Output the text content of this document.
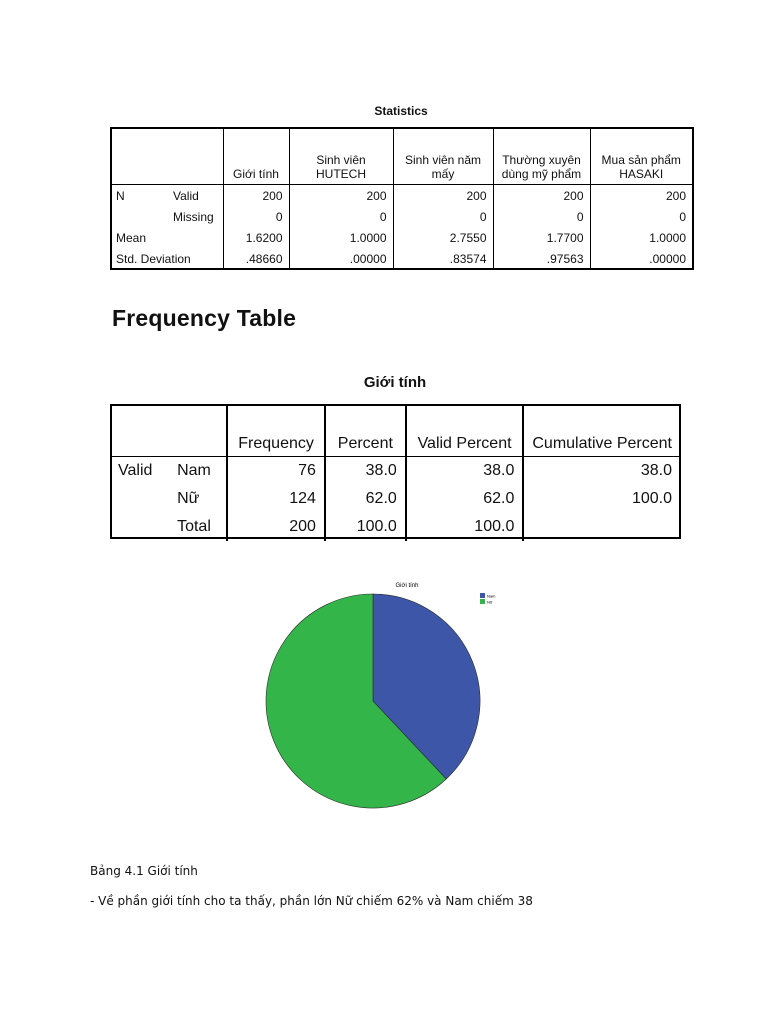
Statistics
		Giới tính	Sinh viên HUTECH	Sinh viên năm mấy	Thường xuyên dùng mỹ phẩm	Mua sản phẩm HASAKI
N	Valid	200	200	200	200	200
	Missing	0	0	0	0	0
Mean		1.6200	1.0000	2.7550	1.7700	1.0000
Std. Deviation		.48660	.00000	.83574	.97563	.00000
Frequency Table
Giới tính
		Frequency	Percent	Valid Percent	Cumulative Percent
Valid	Nam	76	38.0	38.0	38.0
	Nữ	124	62.0	62.0	100.0
	Total	200	100.0	100.0	
Giới tính
Nam
Nữ
Bảng 4.1 Giới tính
- Về phần giới tính cho ta thấy, phần lớn Nữ chiếm 62% và Nam chiếm 38
